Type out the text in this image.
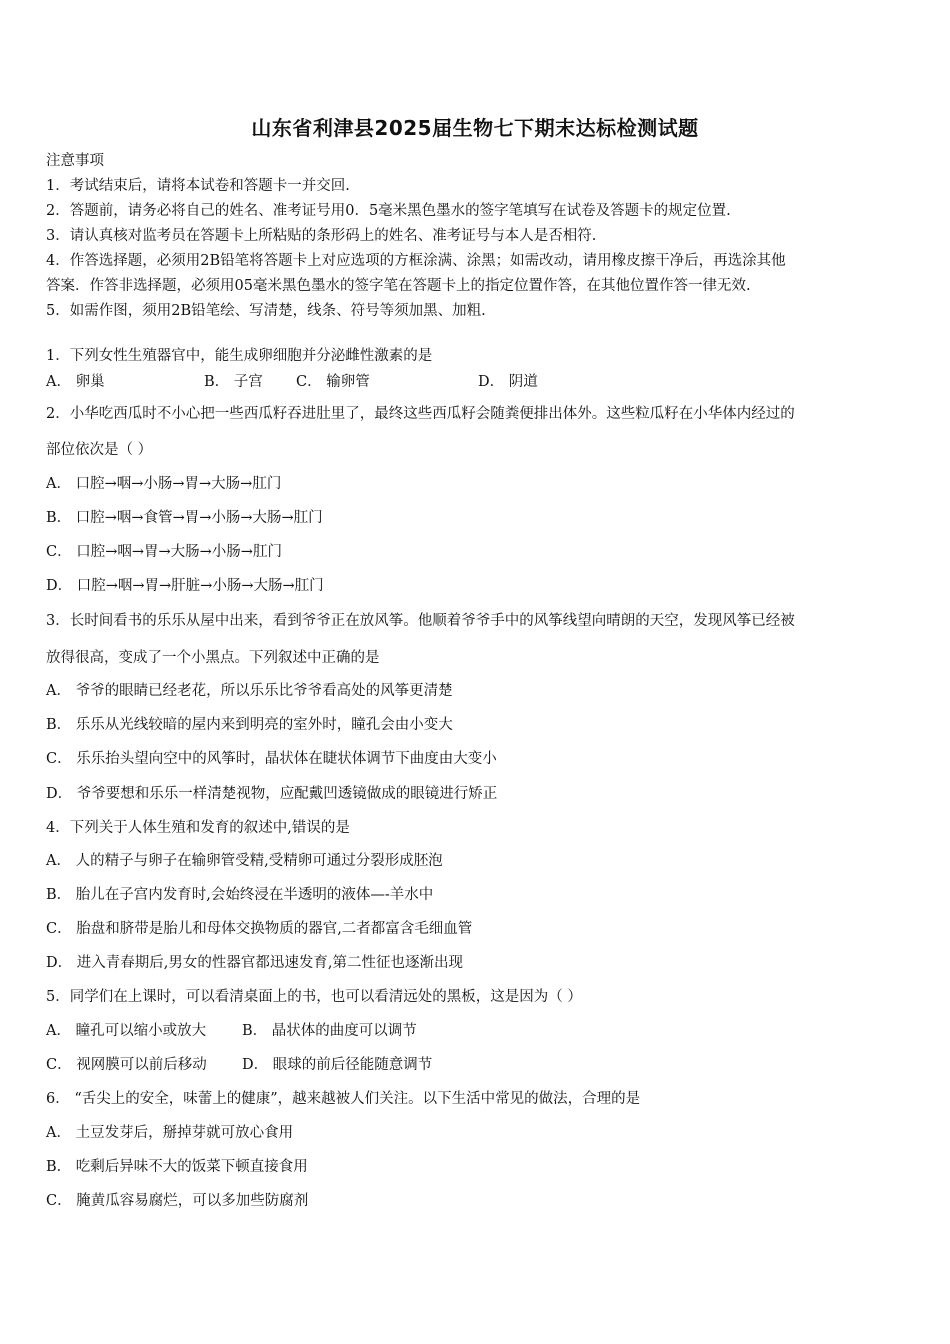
山东省利津县2025届生物七下期末达标检测试题
注意事项
1．考试结束后，请将本试卷和答题卡一并交回.
2．答题前，请务必将自己的姓名、准考证号用0．5毫米黑色墨水的签字笔填写在试卷及答题卡的规定位置.
3．请认真核对监考员在答题卡上所粘贴的条形码上的姓名、准考证号与本人是否相符.
4．作答选择题，必须用2B铅笔将答题卡上对应选项的方框涂满、涂黑；如需改动，请用橡皮擦干净后，再选涂其他
答案．作答非选择题，必须用05毫米黑色墨水的签字笔在答题卡上的指定位置作答，在其他位置作答一律无效.
5．如需作图，须用2B铅笔绘、写清楚，线条、符号等须加黑、加粗.
1．下列女性生殖器官中，能生成卵细胞并分泌雌性激素的是
A． 卵巢	B． 子宫 C． 输卵管	D． 阴道
2．小华吃西瓜时不小心把一些西瓜籽吞进肚里了，最终这些西瓜籽会随粪便排出体外。这些粒瓜籽在小华体内经过的
部位依次是（ ）
A． 口腔→咽→小肠→胃→大肠→肛门
B． 口腔→咽→食管→胃→小肠→大肠→肛门
C． 口腔→咽→胃→大肠→小肠→肛门
D． 口腔→咽→胃→肝脏→小肠→大肠→肛门
3．长时间看书的乐乐从屋中出来，看到爷爷正在放风筝。他顺着爷爷手中的风筝线望向晴朗的天空，发现风筝已经被
放得很高，变成了一个小黑点。下列叙述中正确的是
A． 爷爷的眼睛已经老花，所以乐乐比爷爷看高处的风筝更清楚
B． 乐乐从光线较暗的屋内来到明亮的室外时，瞳孔会由小变大
C． 乐乐抬头望向空中的风筝时，晶状体在睫状体调节下曲度由大变小
D． 爷爷要想和乐乐一样清楚视物，应配戴凹透镜做成的眼镜进行矫正
4．下列关于人体生殖和发育的叙述中,错误的是
A． 人的精子与卵子在输卵管受精,受精卵可通过分裂形成胚泡
B． 胎儿在子宫内发育时,会始终浸在半透明的液体—-羊水中
C． 胎盘和脐带是胎儿和母体交换物质的器官,二者都富含毛细血管
D． 进入青春期后,男女的性器官都迅速发育,第二性征也逐渐出现
5．同学们在上课时，可以看清桌面上的书，也可以看清远处的黑板，这是因为（ ）
A． 瞳孔可以缩小或放大 B． 晶状体的曲度可以调节
C． 视网膜可以前后移动 D． 眼球的前后径能随意调节
6． “舌尖上的安全，味蕾上的健康”，越来越被人们关注。以下生活中常见的做法，合理的是
A． 土豆发芽后，掰掉芽就可放心食用
B． 吃剩后异味不大的饭菜下顿直接食用
C． 腌黄瓜容易腐烂，可以多加些防腐剂
